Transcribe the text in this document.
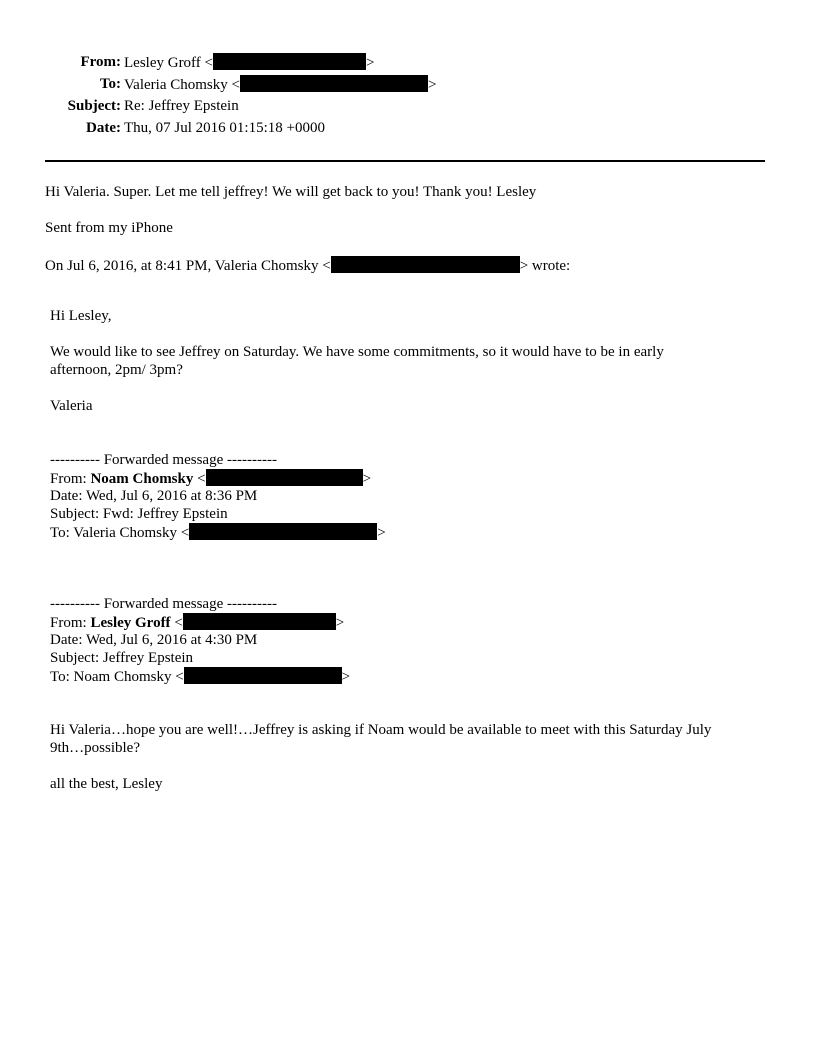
From: Lesley Groff <	>
To: Valeria Chomsky <	>
Subject: Re: Jeffrey Epstein
Date: Thu, 07 Jul 2016 01:15:18 +0000
Hi Valeria. Super. Let me tell jeffrey! We will get back to you! Thank you! Lesley
Sent from my iPhone
On Jul 6, 2016, at 8:41 PM, Valeria Chomsky <	> wrote:
Hi Lesley,
We would like to see Jeffrey on Saturday. We have some commitments, so it would have to be in early
afternoon, 2pm/ 3pm?
Valeria
---------- Forwarded message ----------
From: Noam Chomsky <	>
Date: Wed, Jul 6, 2016 at 8:36 PM
Subject: Fwd: Jeffrey Epstein
To: Valeria Chomsky <	>
---------- Forwarded message ----------
From: Lesley Groff <	>
Date: Wed, Jul 6, 2016 at 4:30 PM
Subject: Jeffrey Epstein
To: Noam Chomsky <	>
Hi Valeria…hope you are well!…Jeffrey is asking if Noam would be available to meet with this Saturday July
9th…possible?
all the best, Lesley
